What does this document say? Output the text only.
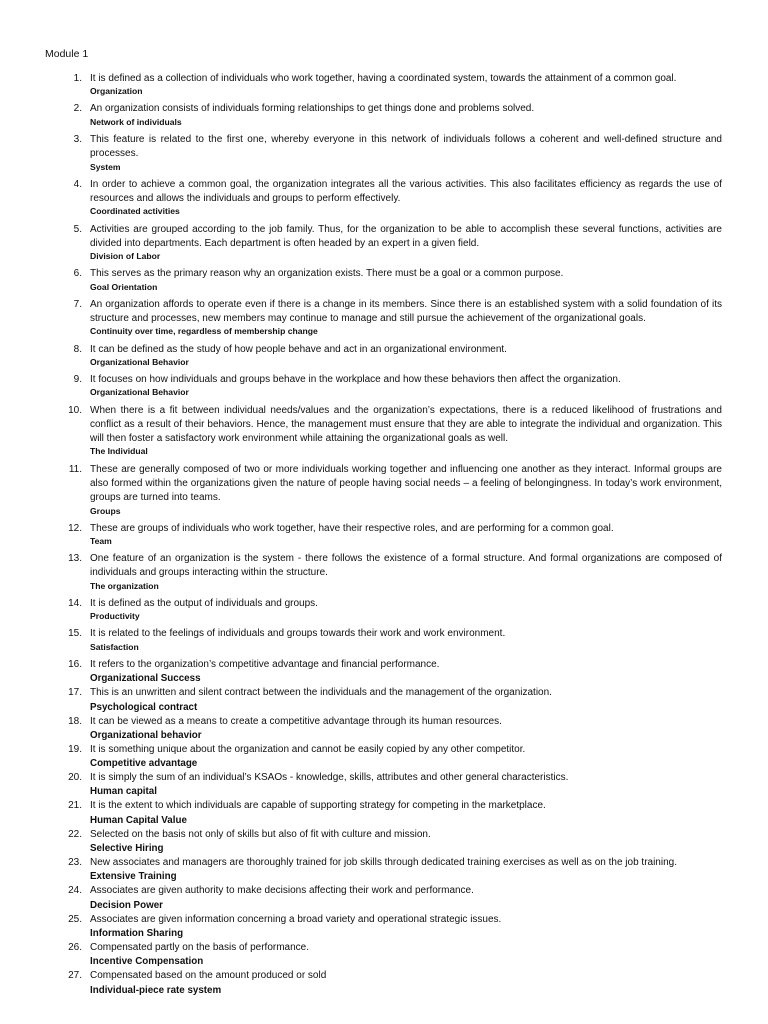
Module 1
1. It is defined as a collection of individuals who work together, having a coordinated system, towards the attainment of a common goal.
Organization
2. An organization consists of individuals forming relationships to get things done and problems solved.
Network of individuals
3. This feature is related to the first one, whereby everyone in this network of individuals follows a coherent and well-defined structure and processes.
System
4. In order to achieve a common goal, the organization integrates all the various activities. This also facilitates efficiency as regards the use of resources and allows the individuals and groups to perform effectively.
Coordinated activities
5. Activities are grouped according to the job family. Thus, for the organization to be able to accomplish these several functions, activities are divided into departments. Each department is often headed by an expert in a given field.
Division of Labor
6. This serves as the primary reason why an organization exists. There must be a goal or a common purpose.
Goal Orientation
7. An organization affords to operate even if there is a change in its members. Since there is an established system with a solid foundation of its structure and processes, new members may continue to manage and still pursue the achievement of the organizational goals.
Continuity over time, regardless of membership change
8. It can be defined as the study of how people behave and act in an organizational environment.
Organizational Behavior
9. It focuses on how individuals and groups behave in the workplace and how these behaviors then affect the organization.
Organizational Behavior
10. When there is a fit between individual needs/values and the organization’s expectations, there is a reduced likelihood of frustrations and conflict as a result of their behaviors. Hence, the management must ensure that they are able to integrate the individual and organization. This will then foster a satisfactory work environment while attaining the organizational goals as well.
The Individual
11. These are generally composed of two or more individuals working together and influencing one another as they interact. Informal groups are also formed within the organizations given the nature of people having social needs – a feeling of belongingness. In today’s work environment, groups are turned into teams.
Groups
12. These are groups of individuals who work together, have their respective roles, and are performing for a common goal.
Team
13. One feature of an organization is the system - there follows the existence of a formal structure. And formal organizations are composed of individuals and groups interacting within the structure.
The organization
14. It is defined as the output of individuals and groups.
Productivity
15. It is related to the feelings of individuals and groups towards their work and work environment.
Satisfaction
16. It refers to the organization’s competitive advantage and financial performance.
Organizational Success
17. This is an unwritten and silent contract between the individuals and the management of the organization.
Psychological contract
18. It can be viewed as a means to create a competitive advantage through its human resources.
Organizational behavior
19. It is something unique about the organization and cannot be easily copied by any other competitor.
Competitive advantage
20. It is simply the sum of an individual’s KSAOs - knowledge, skills, attributes and other general characteristics.
Human capital
21. It is the extent to which individuals are capable of supporting strategy for competing in the marketplace.
Human Capital Value
22. Selected on the basis not only of skills but also of fit with culture and mission.
Selective Hiring
23. New associates and managers are thoroughly trained for job skills through dedicated training exercises as well as on the job training.
Extensive Training
24. Associates are given authority to make decisions affecting their work and performance.
Decision Power
25. Associates are given information concerning a broad variety and operational strategic issues.
Information Sharing
26. Compensated partly on the basis of performance.
Incentive Compensation
27. Compensated based on the amount produced or sold
Individual-piece rate system
